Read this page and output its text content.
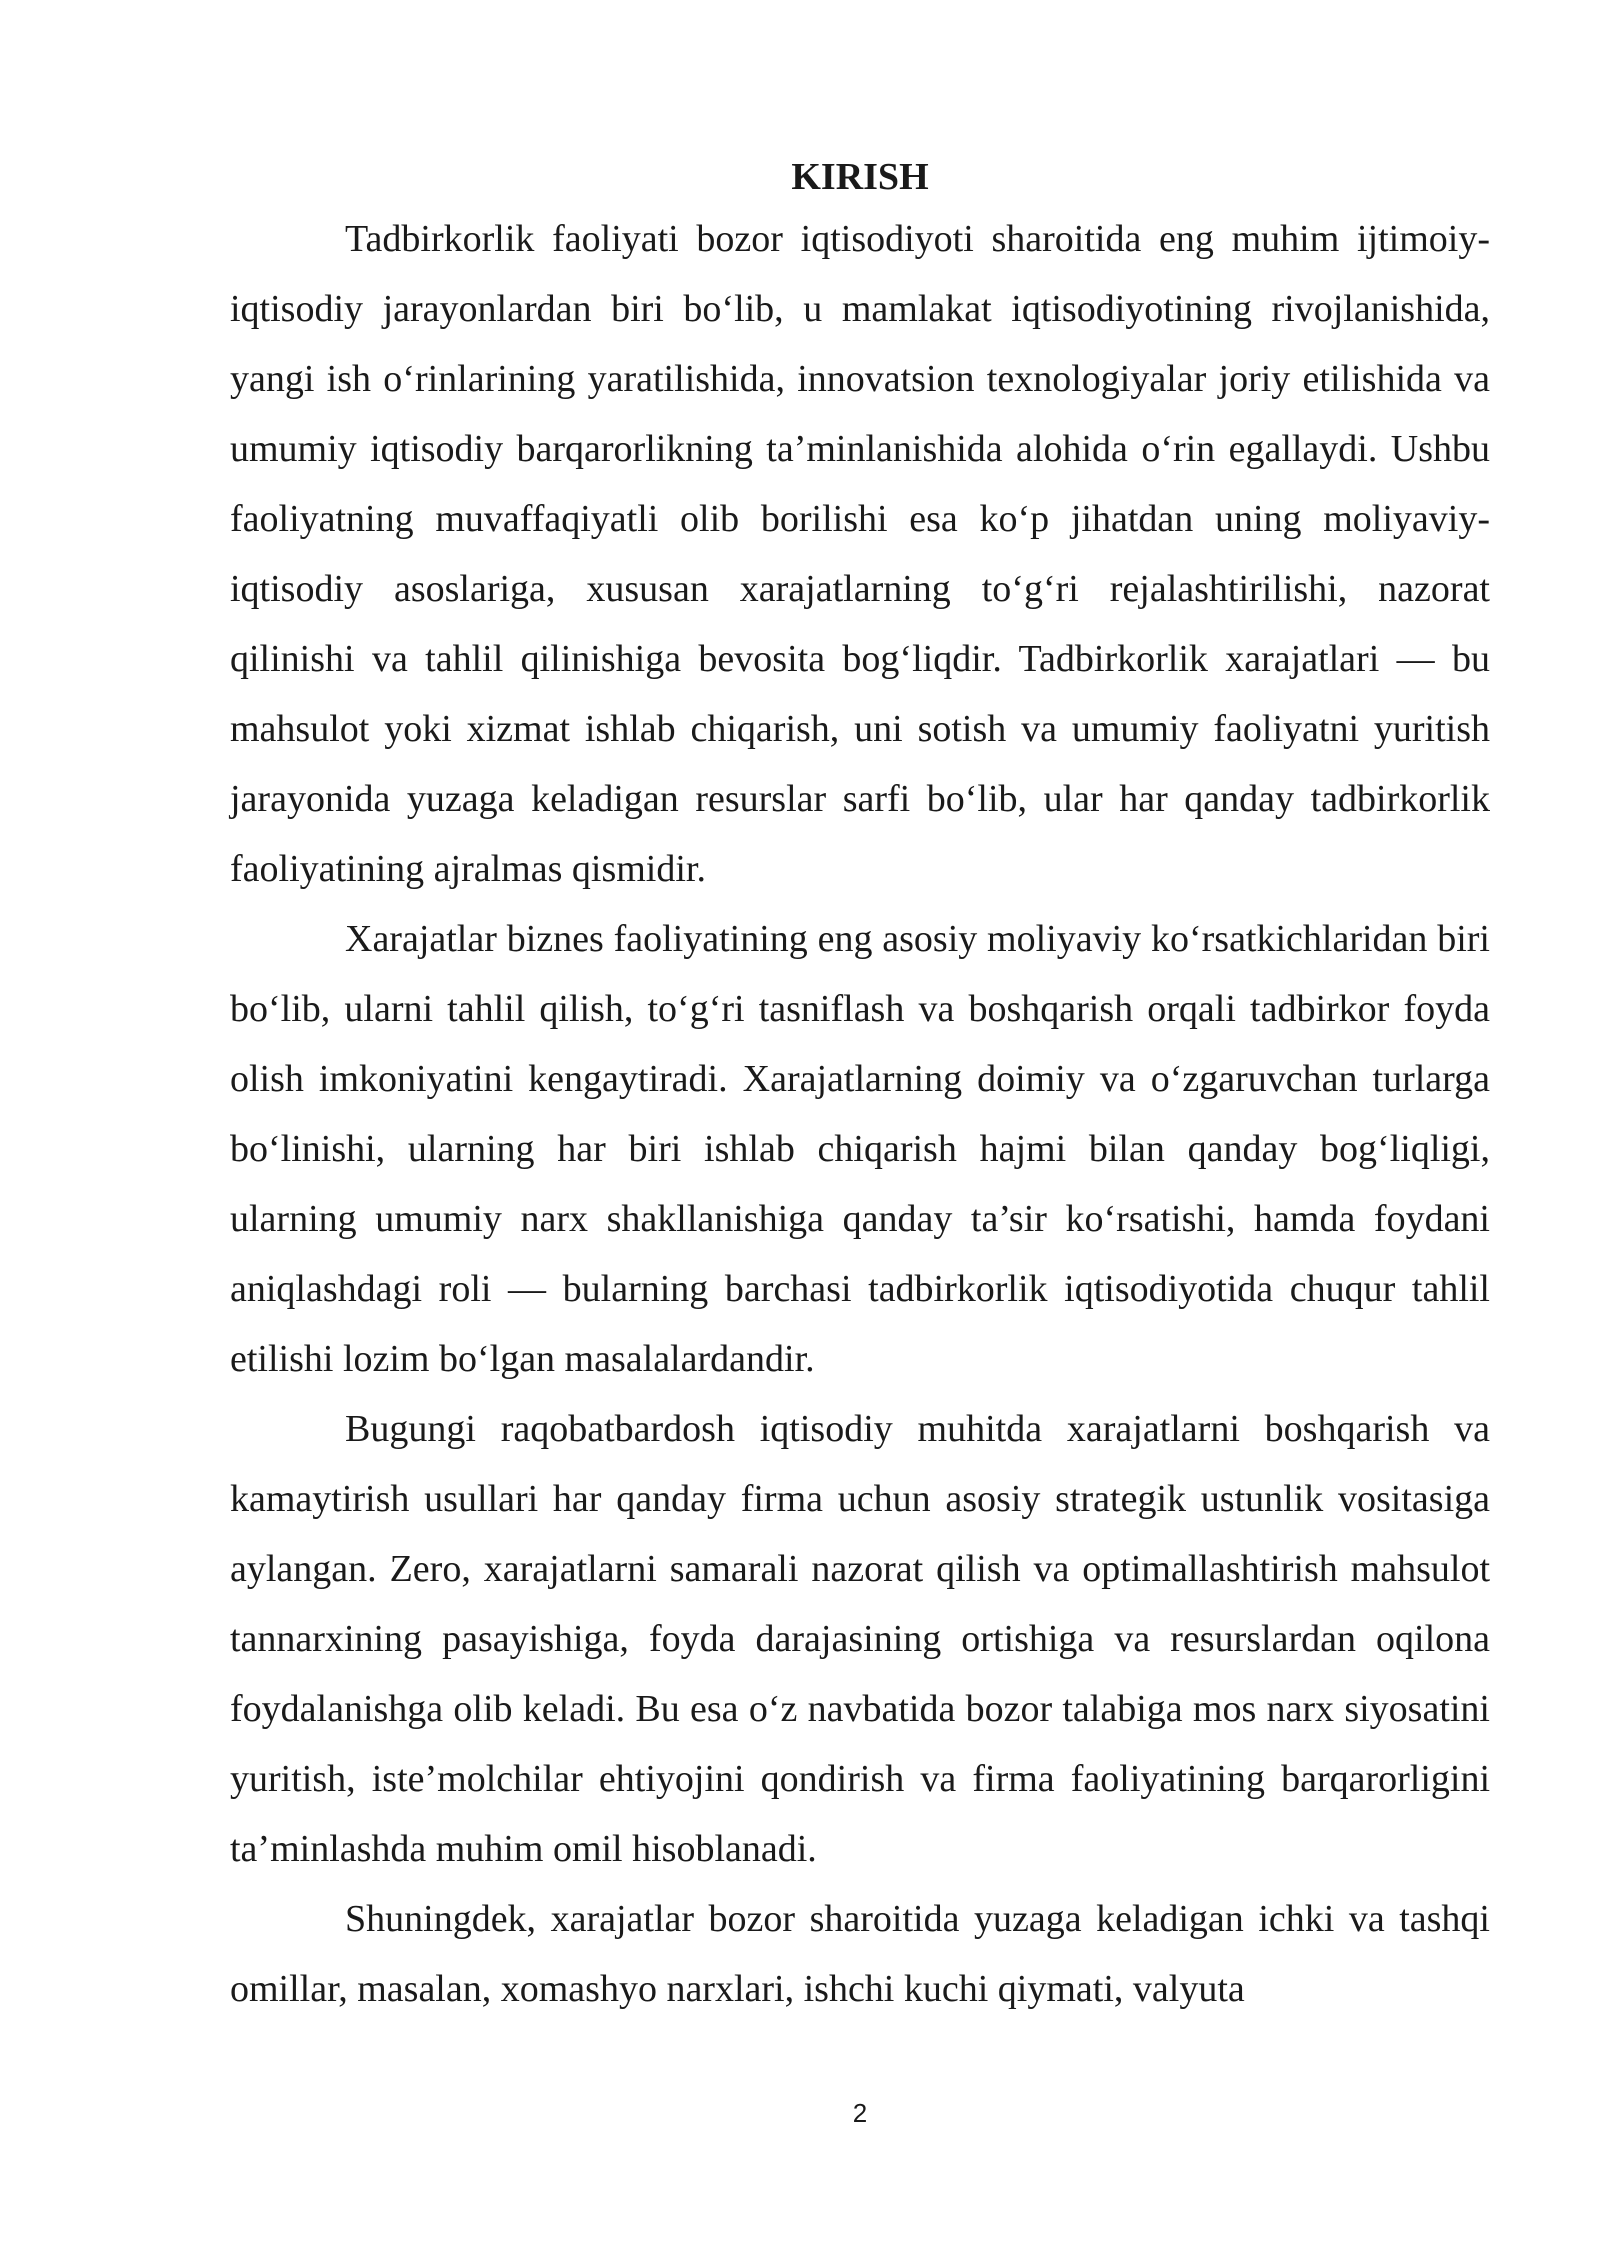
KIRISH

Tadbirkorlik faoliyati bozor iqtisodiyoti sharoitida eng muhim ijtimoiy-iqtisodiy jarayonlardan biri bo‘lib, u mamlakat iqtisodiyotining rivojlanishida, yangi ish o‘rinlarining yaratilishida, innovatsion texnologiyalar joriy etilishida va umumiy iqtisodiy barqarorlikning ta’minlanishida alohida o‘rin egallaydi. Ushbu faoliyatning muvaffaqiyatli olib borilishi esa ko‘p jihatdan uning moliyaviy-iqtisodiy asoslariga, xususan xarajatlarning to‘g‘ri rejalashtirilishi, nazorat qilinishi va tahlil qilinishiga bevosita bog‘liqdir. Tadbirkorlik xarajatlari — bu mahsulot yoki xizmat ishlab chiqarish, uni sotish va umumiy faoliyatni yuritish jarayonida yuzaga keladigan resurslar sarfi bo‘lib, ular har qanday tadbirkorlik faoliyatining ajralmas qismidir.

Xarajatlar biznes faoliyatining eng asosiy moliyaviy ko‘rsatkichlaridan biri bo‘lib, ularni tahlil qilish, to‘g‘ri tasniflash va boshqarish orqali tadbirkor foyda olish imkoniyatini kengaytiradi. Xarajatlarning doimiy va o‘zgaruvchan turlarga bo‘linishi, ularning har biri ishlab chiqarish hajmi bilan qanday bog‘liqligi, ularning umumiy narx shakllanishiga qanday ta’sir ko‘rsatishi, hamda foydani aniqlashdagi roli — bularning barchasi tadbirkorlik iqtisodiyotida chuqur tahlil etilishi lozim bo‘lgan masalalardandir.

Bugungi raqobatbardosh iqtisodiy muhitda xarajatlarni boshqarish va kamaytirish usullari har qanday firma uchun asosiy strategik ustunlik vositasiga aylangan. Zero, xarajatlarni samarali nazorat qilish va optimallashtirish mahsulot tannarxining pasayishiga, foyda darajasining ortishiga va resurslardan oqilona foydalanishga olib keladi. Bu esa o‘z navbatida bozor talabiga mos narx siyosatini yuritish, iste’molchilar ehtiyojini qondirish va firma faoliyatining barqarorligini ta’minlashda muhim omil hisoblanadi.

Shuningdek, xarajatlar bozor sharoitida yuzaga keladigan ichki va tashqi omillar, masalan, xomashyo narxlari, ishchi kuchi qiymati, valyuta

2
